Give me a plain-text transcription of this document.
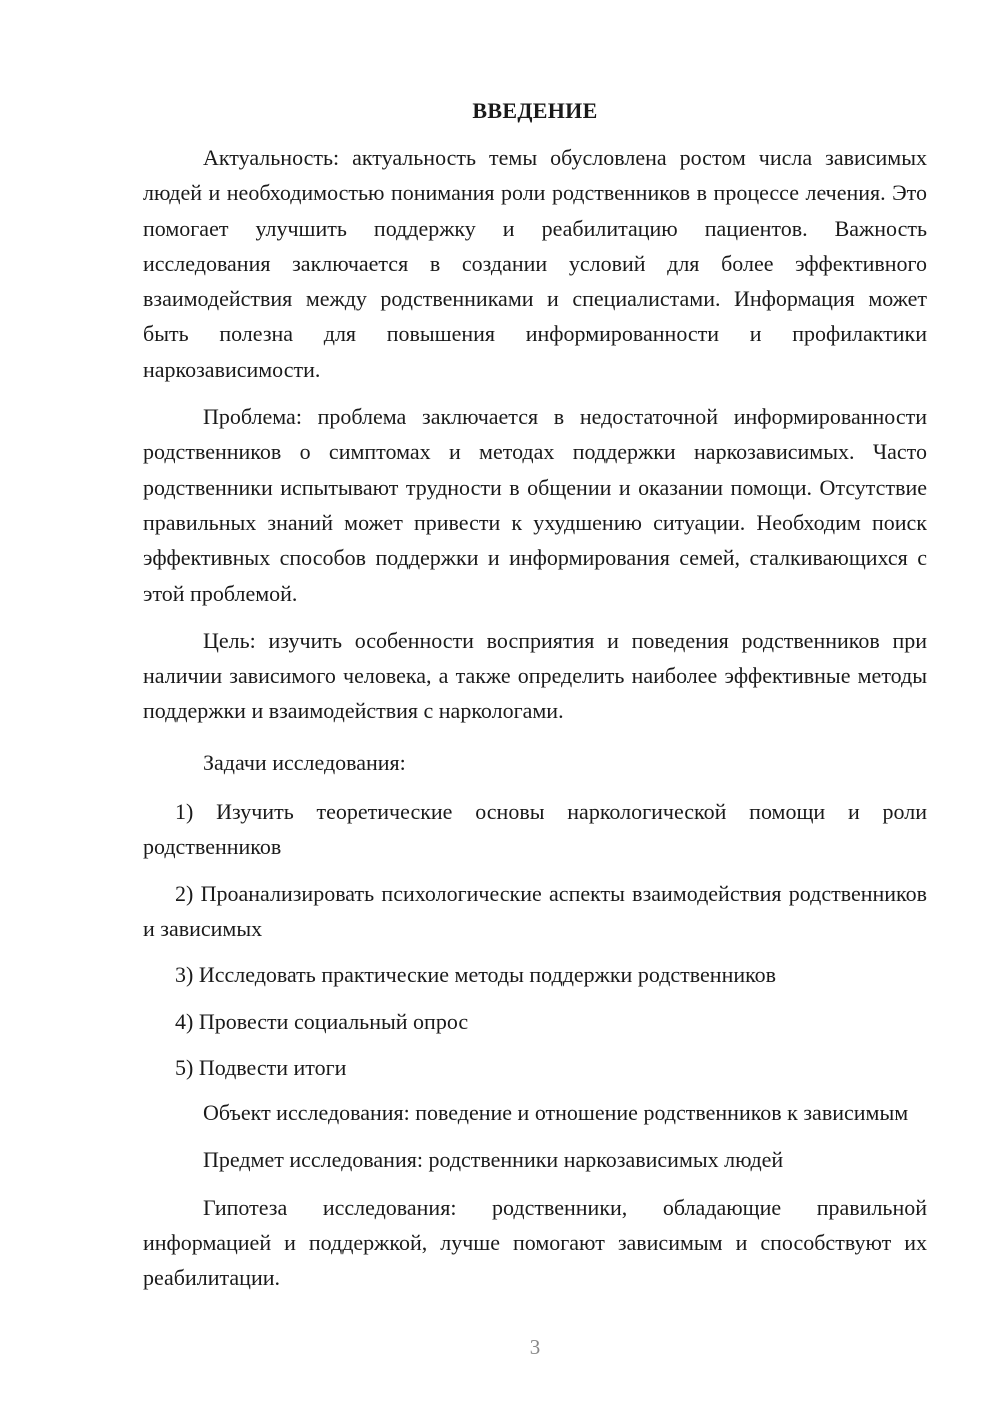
ВВЕДЕНИЕ

Актуальность: актуальность темы обусловлена ростом числа зависимых людей и необходимостью понимания роли родственников в процессе лечения. Это помогает улучшить поддержку и реабилитацию пациентов. Важность исследования заключается в создании условий для более эффективного взаимодействия между родственниками и специалистами. Информация может быть полезна для повышения информированности и профилактики наркозависимости.

Проблема: проблема заключается в недостаточной информированности родственников о симптомах и методах поддержки наркозависимых. Часто родственники испытывают трудности в общении и оказании помощи. Отсутствие правильных знаний может привести к ухудшению ситуации. Необходим поиск эффективных способов поддержки и информирования семей, сталкивающихся с этой проблемой.

Цель: изучить особенности восприятия и поведения родственников при наличии зависимого человека, а также определить наиболее эффективные методы поддержки и взаимодействия с наркологами.

Задачи исследования:

1) Изучить теоретические основы наркологической помощи и роли родственников

2) Проанализировать психологические аспекты взаимодействия родственников и зависимых

3) Исследовать практические методы поддержки родственников

4) Провести социальный опрос

5) Подвести итоги

Объект исследования: поведение и отношение родственников к зависимым

Предмет исследования: родственники наркозависимых людей

Гипотеза исследования: родственники, обладающие правильной информацией и поддержкой, лучше помогают зависимым и способствуют их реабилитации.

3
